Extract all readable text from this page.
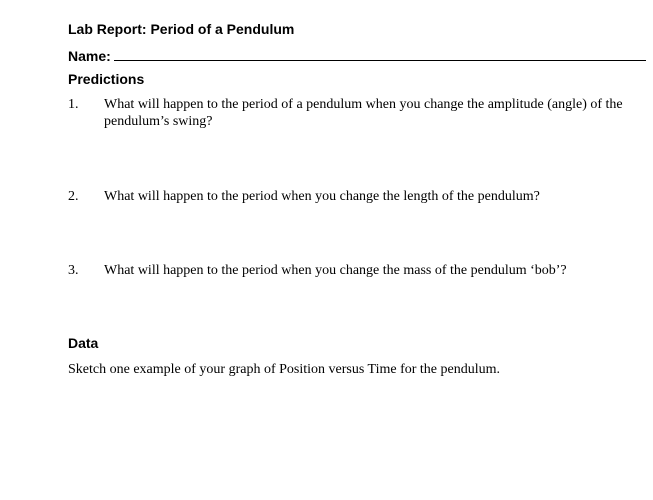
Lab Report: Period of a Pendulum
Name:
Predictions
1. What will happen to the period of a pendulum when you change the amplitude (angle) of the pendulum’s swing?
2. What will happen to the period when you change the length of the pendulum?
3. What will happen to the period when you change the mass of the pendulum ‘bob’?
Data
Sketch one example of your graph of Position versus Time for the pendulum.
